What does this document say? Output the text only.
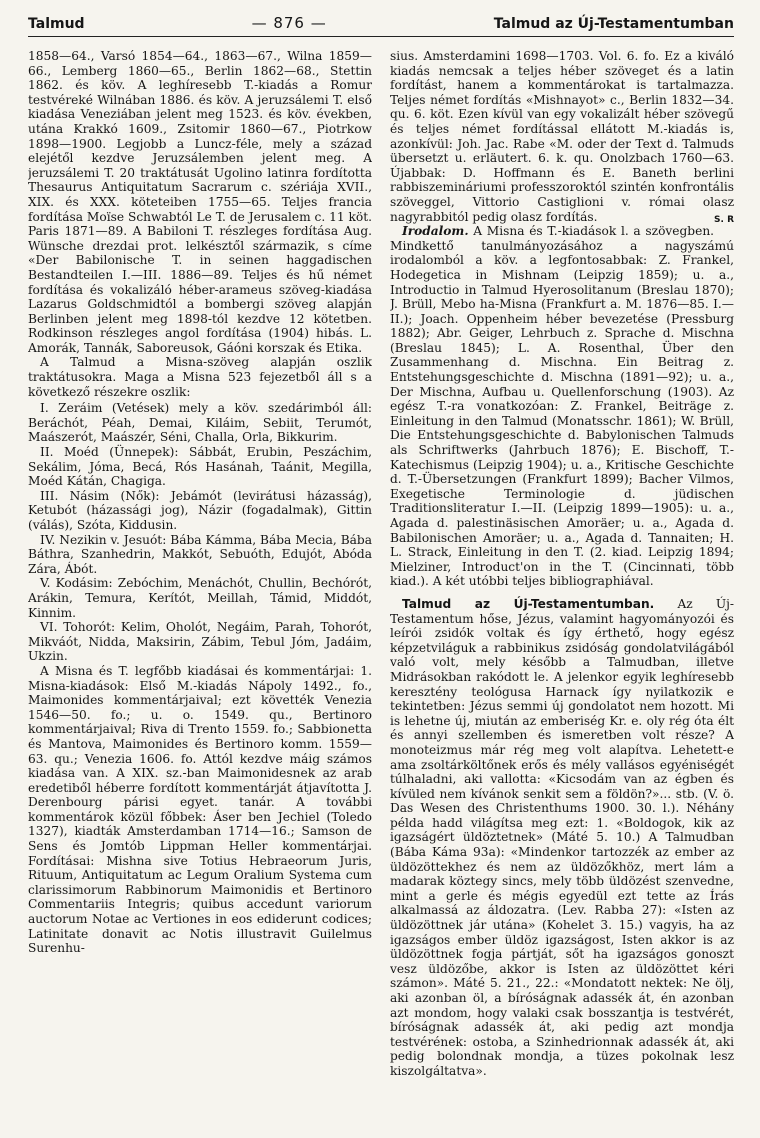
Talmud	— 876 —	Talmud az Új-Testamentumban

1858—64., Varsó 1854—64., 1863—67., Wilna 1859—66., Lemberg 1860—65., Berlin 1862—68., Stettin 1862. és köv. A leghíresebb T.-kiadás a Romur testvéreké Wilnában 1886. és köv. A jeruzsálemi T. első kiadása Veneziában jelent meg 1523. és köv. években, utána Krakkó 1609., Zsitomir 1860—67., Piotrkow 1898—1900. Legjobb a Luncz-féle, mely a század elejétől kezdve Jeruzsálemben jelent meg. A jeruzsálemi T. 20 traktátusát Ugolino latinra fordította Thesaurus Antiquitatum Sacrarum c. szériája XVII., XIX. és XXX. köteteiben 1755—65. Teljes francia fordítása Moïse Schwabtól Le T. de Jerusalem c. 11 köt. Paris 1871—89. A Babiloni T. részleges fordítása Aug. Wünsche drezdai prot. lelkésztől származik, s címe «Der Babilonische T. in seinen haggadischen Bestandteilen I.—III. 1886—89. Teljes és hű német fordítása és vokalizáló héber-arameus szöveg-kiadása Lazarus Goldschmidtól a bombergi szöveg alapján Berlinben jelent meg 1898-tól kezdve 12 kötetben. Rodkinson részleges angol fordítása (1904) hibás. L. Amorák, Tannák, Saboreusok, Gáóni korszak és Etika.

A Talmud a Misna-szöveg alapján oszlik traktátusokra. Maga a Misna 523 fejezetből áll s a következő részekre oszlik:

I. Zeráim (Vetések) mely a köv. szedárimból áll: Beráchót, Péah, Demai, Kiláim, Sebiit, Terumót, Maászerót, Maászér, Séni, Challa, Orla, Bikkurim.

II. Moéd (Ünnepek): Sábbát, Erubin, Peszáchim, Sekálim, Jóma, Becá, Rós Hasánah, Taánit, Megilla, Moéd Kátán, Chagiga.

III. Násim (Nők): Jebámót (levirátusi házasság), Ketubót (házassági jog), Názir (fogadalmak), Gittin (válás), Szóta, Kiddusin.

IV. Nezikin v. Jesuót: Bába Kámma, Bába Mecia, Bába Báthra, Szanhedrin, Makkót, Sebuóth, Edujót, Abóda Zára, Ábót.

V. Kodásim: Zebóchim, Menáchót, Chullin, Bechórót, Arákin, Temura, Kerítót, Meillah, Támid, Middót, Kinnim.

VI. Tohorót: Kelim, Oholót, Negáim, Parah, Tohorót, Mikváót, Nidda, Maksirin, Zábim, Tebul Jóm, Jadáim, Ukzin.

A Misna és T. legfőbb kiadásai és kommentárjai: 1. Misna-kiadások: Első M.-kiadás Nápoly 1492., fo., Maimonides kommentárjaival; ezt követték Venezia 1546—50. fo.; u. o. 1549. qu., Bertinoro kommentárjaival; Riva di Trento 1559. fo.; Sabbionetta és Mantova, Maimonides és Bertinoro komm. 1559—63. qu.; Venezia 1606. fo. Attól kezdve máig számos kiadása van. A XIX. sz.-ban Maimonidesnek az arab eredetiből héberre fordított kommentárját átjavította J. Derenbourg párisi egyet. tanár. A további kommentárok közül főbbek: Áser ben Jechiel (Toledo 1327), kiadták Amsterdamban 1714—16.; Samson de Sens és Jomtób Lippman Heller kommentárjai. Fordításai: Mishna sive Totius Hebraeorum Juris, Rituum, Antiquitatum ac Legum Oralium Systema cum clarissimorum Rabbinorum Maimonidis et Bertinoro Commentariis Integris; quibus accedunt variorum auctorum Notae ac Vertiones in eos ediderunt codices; Latinitate donavit ac Notis illustravit Guilelmus Surenhu-

sius. Amsterdamini 1698—1703. Vol. 6. fo. Ez a kiváló kiadás nemcsak a teljes héber szöveget és a latin fordítást, hanem a kommentárokat is tartalmazza. Teljes német fordítás «Mishnayot» c., Berlin 1832—34. qu. 6. köt. Ezen kívül van egy vokalizált héber szövegű és teljes német fordítással ellátott M.-kiadás is, azonkívül: Joh. Jac. Rabe «M. oder der Text d. Talmuds übersetzt u. erläutert. 6. k. qu. Onolzbach 1760—63. Újabbak: D. Hoffmann és E. Baneth berlini rabbiszemináriumi professzoroktól szintén konfrontális szöveggel, Vittorio Castiglioni v. római olasz nagyrabbitól pedig olasz fordítás.	S. R

Irodalom. A Misna és T.-kiadások l. a szövegben. Mindkettő tanulmányozásához a nagyszámú irodalomból a köv. a legfontosabbak: Z. Frankel, Hodegetica in Mishnam (Leipzig 1859); u. a., Introductio in Talmud Hyerosolitanum (Breslau 1870); J. Brüll, Mebo ha-Misna (Frankfurt a. M. 1876—85. I.—II.); Joach. Oppenheim héber bevezetése (Pressburg 1882); Abr. Geiger, Lehrbuch z. Sprache d. Mischna (Breslau 1845); L. A. Rosenthal, Über den Zusammenhang d. Mischna. Ein Beitrag z. Entstehungsgeschichte d. Mischna (1891—92); u. a., Der Mischna, Aufbau u. Quellenforschung (1903). Az egész T.-ra vonatkozóan: Z. Frankel, Beiträge z. Einleitung in den Talmud (Monatsschr. 1861); W. Brüll, Die Entstehungsgeschichte d. Babylonischen Talmuds als Schriftwerks (Jahrbuch 1876); E. Bischoff, T.-Katechismus (Leipzig 1904); u. a., Kritische Geschichte d. T.-Übersetzungen (Frankfurt 1899); Bacher Vilmos, Exegetische Terminologie d. jüdischen Traditionsliteratur I.—II. (Leipzig 1899—1905): u. a., Agada d. palestinäsischen Amoräer; u. a., Agada d. Babilonischen Amoräer; u. a., Agada d. Tannaiten; H. L. Strack, Einleitung in den T. (2. kiad. Leipzig 1894; Mielziner, Introduct'on in the T. (Cincinnati, több kiad.). A két utóbbi teljes bibliographiával.

Talmud az Új-Testamentumban. Az Új-Testamentum hőse, Jézus, valamint hagyományozói és leírói zsidók voltak és így érthető, hogy egész képzetviláguk a rabbinikus zsidóság gondolatvilágából való volt, mely később a Talmudban, illetve Midrásokban rakódott le. A jelenkor egyik leghíresebb keresztény teológusa Harnack így nyilatkozik e tekintetben: Jézus semmi új gondolatot nem hozott. Mi is lehetne új, miután az emberiség Kr. e. oly rég óta élt és annyi szellemben és ismeretben volt része? A monoteizmus már rég meg volt alapítva. Lehetett-e ama zsoltárköltőnek erős és mély vallásos egyéniségét túlhaladni, aki vallotta: «Kicsodám van az égben és kívüled nem kívánok senkit sem a földön?»... stb. (V. ö. Das Wesen des Christenthums 1900. 30. l.). Néhány példa hadd világítsa meg ezt: 1. «Boldogok, kik az igazságért üldöztetnek» (Máté 5. 10.) A Talmudban (Bába Káma 93a): «Mindenkor tartozzék az ember az üldözöttekhez és nem az üldözőkhöz, mert lám a madarak köztegy sincs, mely több üldözést szenvedne, mint a gerle és mégis egyedül ezt tette az Írás alkalmassá az áldozatra. (Lev. Rabba 27): «Isten az üldözöttnek jár utána» (Kohelet 3. 15.) vagyis, ha az igazságos ember üldöz igazságost, Isten akkor is az üldözöttnek fogja pártját, sőt ha igazságos gonoszt vesz üldözőbe, akkor is Isten az üldözöttet kéri számon». Máté 5. 21., 22.: «Mondatott nektek: Ne ölj, aki azonban öl, a bíróságnak adassék át, én azonban azt mondom, hogy valaki csak bosszantja is testvérét, bíróságnak adassék át, aki pedig azt mondja testvérének: ostoba, a Szinhedrionnak adassék át, aki pedig bolondnak mondja, a tüzes pokolnak lesz kiszolgáltatva».
